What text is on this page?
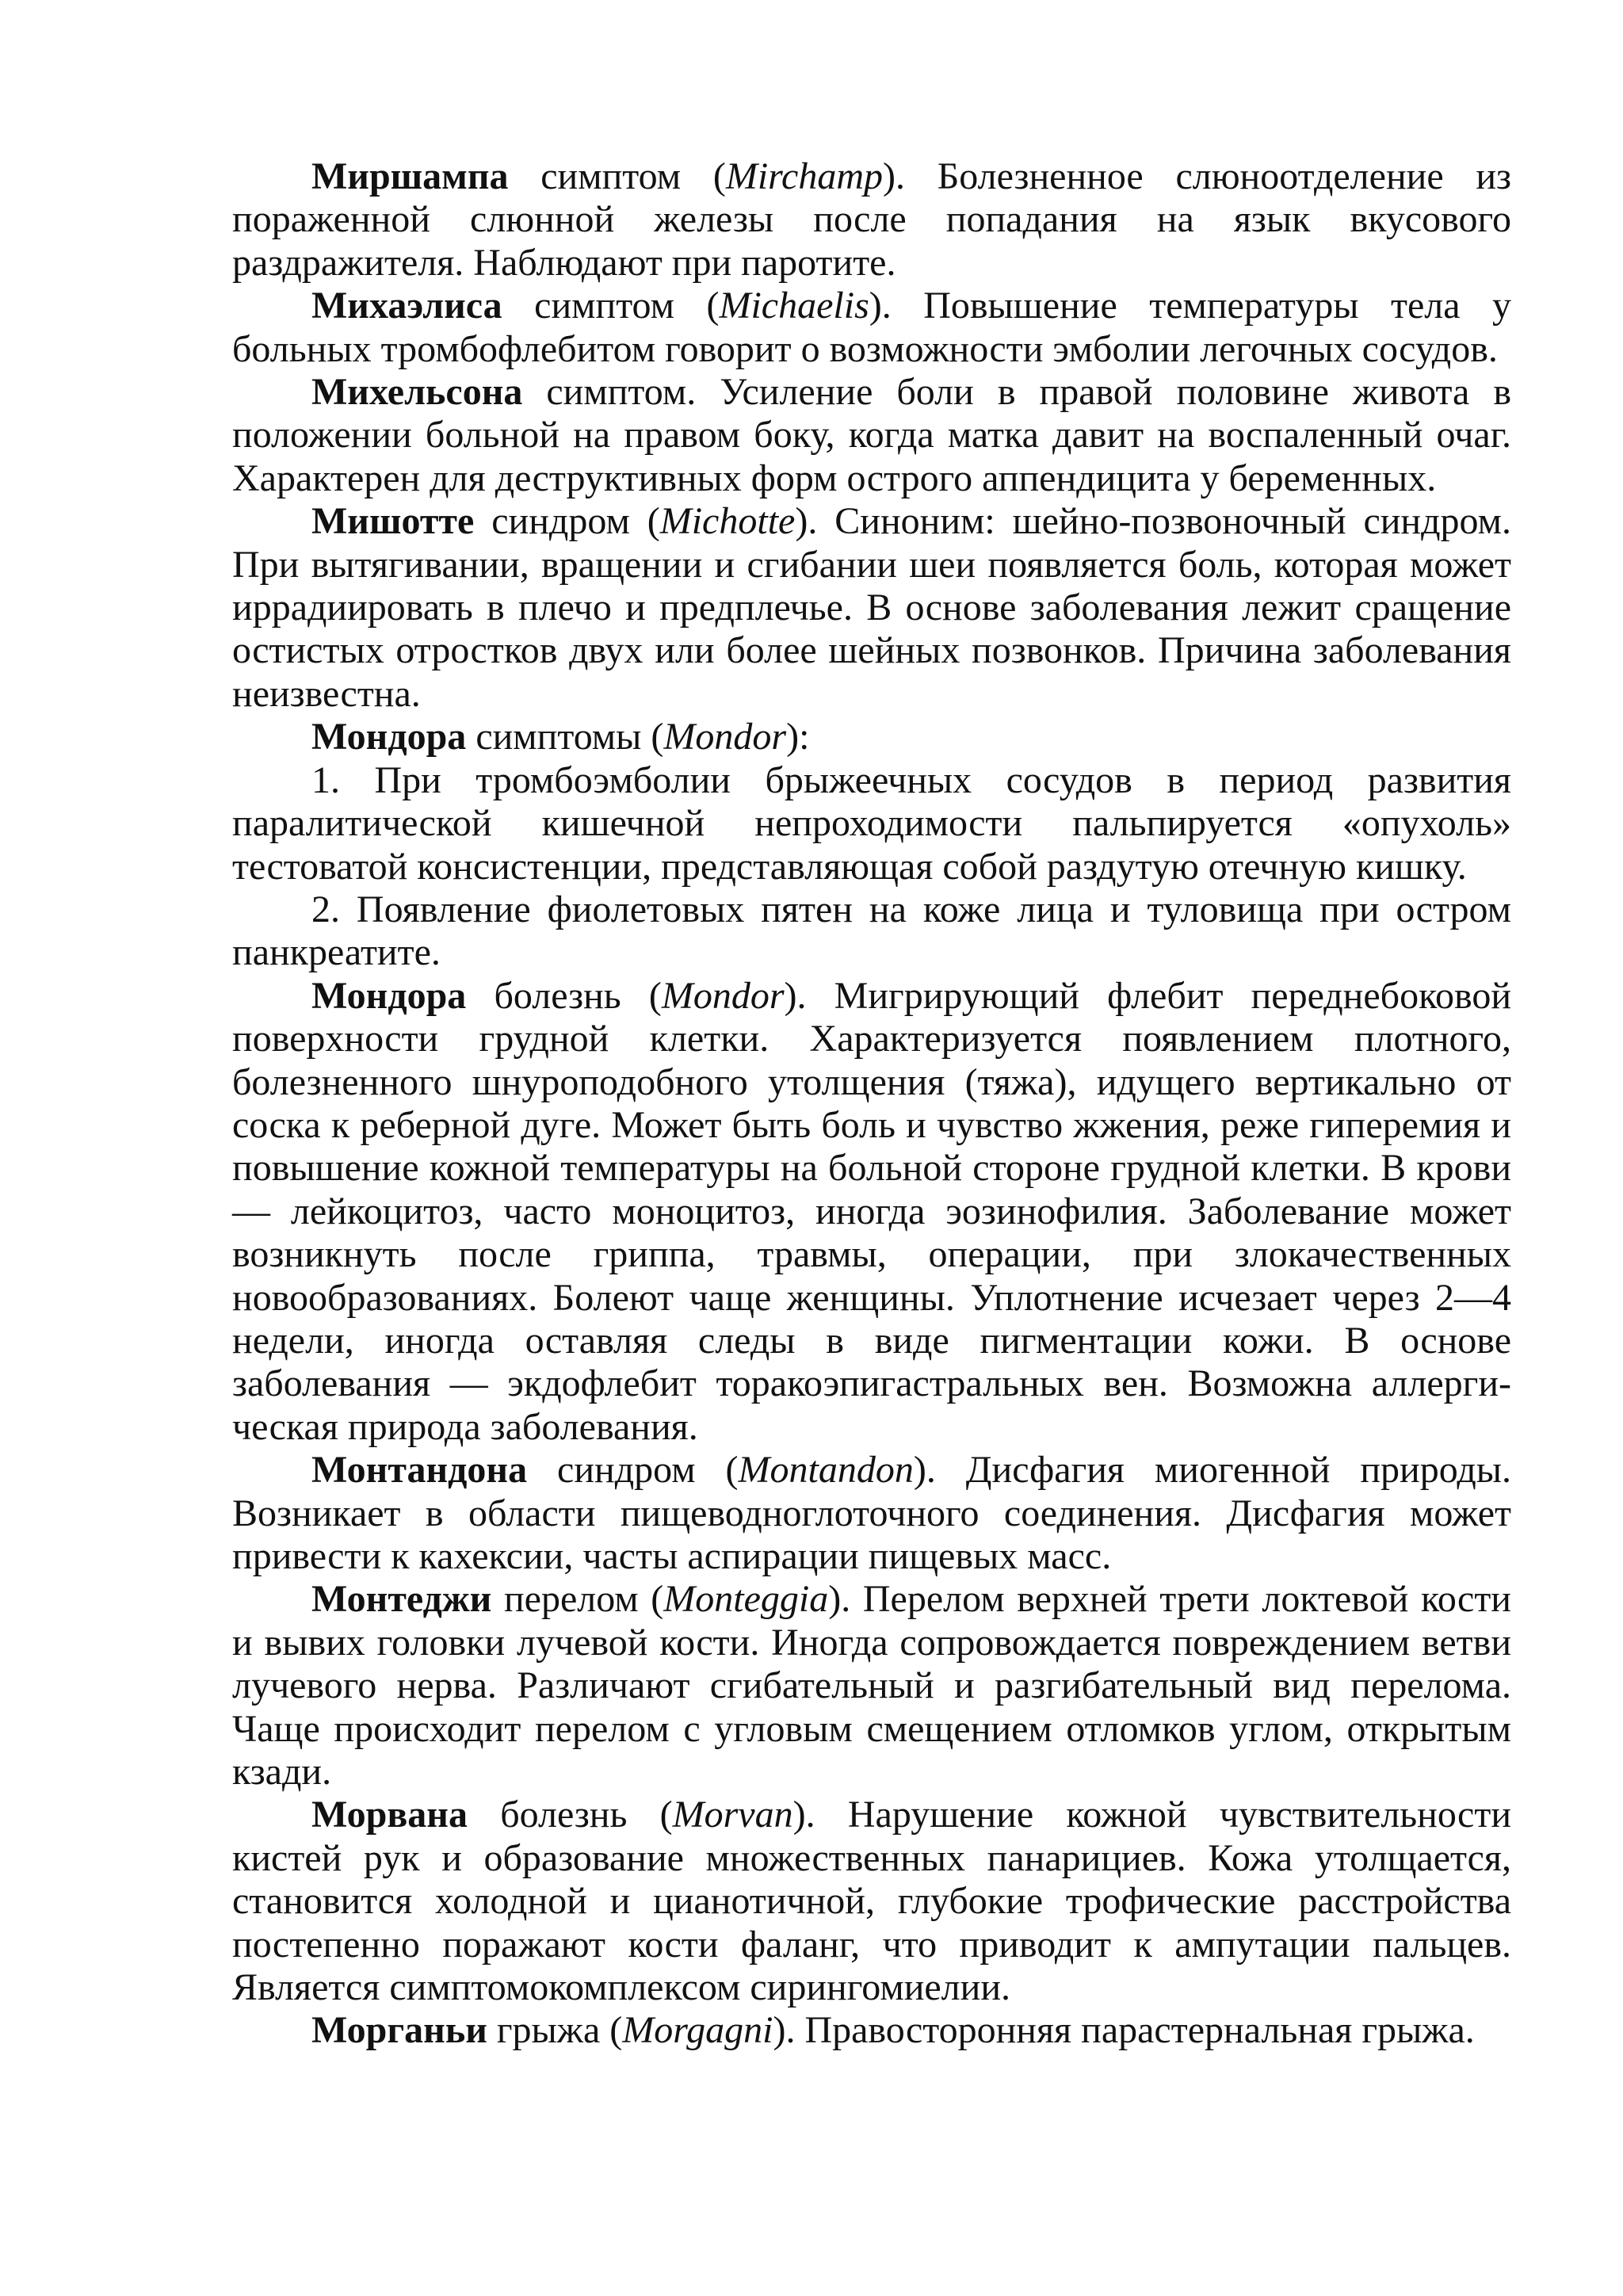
Миршампа симптом (Mirchamp). Болезненное слюноотделение из пораженной слюнной железы после попадания на язык вкусового раздражителя. Наблюдают при паротите.

Михаэлиса симптом (Michaelis). Повышение температуры тела у больных тромбофлебитом говорит о возможности эмболии легочных сосудов.

Михельсона симптом. Усиление боли в правой половине живота в положении больной на правом боку, когда матка давит на воспаленный очаг. Характерен для деструктивных форм острого аппендицита у беременных.

Мишотте синдром (Michotte). Синоним: шейно-позвоночный синдром. При вытягивании, вращении и сгибании шеи появляется боль, которая может иррадиировать в плечо и предплечье. В основе заболевания лежит сращение остистых отростков двух или более шейных позвонков. Причина заболевания неизвестна.

Мондора симптомы (Mondor):

1. При тромбоэмболии брыжеечных сосудов в период развития паралитической кишечной непроходимости пальпируется «опухоль» тестоватой консистенции, представляющая собой раздутую отечную кишку.

2. Появление фиолетовых пятен на коже лица и туловища при остром панкреатите.

Мондора болезнь (Mondor). Мигрирующий флебит переднебоковой поверхности грудной клетки. Характеризуется появлением плотного, болезненного шнуроподобного утолщения (тяжа), идущего вертикально от соска к реберной дуге. Может быть боль и чувство жжения, реже гиперемия и повышение кожной температуры на больной стороне грудной клетки. В крови — лейкоцитоз, часто моноцитоз, иногда эозинофилия. Заболевание может возникнуть после гриппа, травмы, операции, при злокачественных новообразованиях. Болеют чаще женщины. Уплотнение исчезает через 2—4 недели, иногда оставляя следы в виде пигментации кожи. В основе заболевания — экдофлебит торакоэпигастральных вен. Возможна аллергическая природа заболевания.

Монтандона синдром (Montandon). Дисфагия миогенной природы. Возникает в области пищеводноглоточного соединения. Дисфагия может привести к кахексии, часты аспирации пищевых масс.

Монтеджи перелом (Monteggia). Перелом верхней трети локтевой кости и вывих головки лучевой кости. Иногда сопровождается повреждением ветви лучевого нерва. Различают сгибательный и разгибательный вид перелома. Чаще происходит перелом с угловым смещением отломков углом, открытым кзади.

Морвана болезнь (Morvan). Нарушение кожной чувствительности кистей рук и образование множественных панарициев. Кожа утолщается, становится холодной и цианотичной, глубокие трофические расстройства постепенно поражают кости фаланг, что приводит к ампутации пальцев. Является симптомокомплексом сирингомиелии.

Морганьи грыжа (Morgagni). Правосторонняя парастернальная грыжа.
